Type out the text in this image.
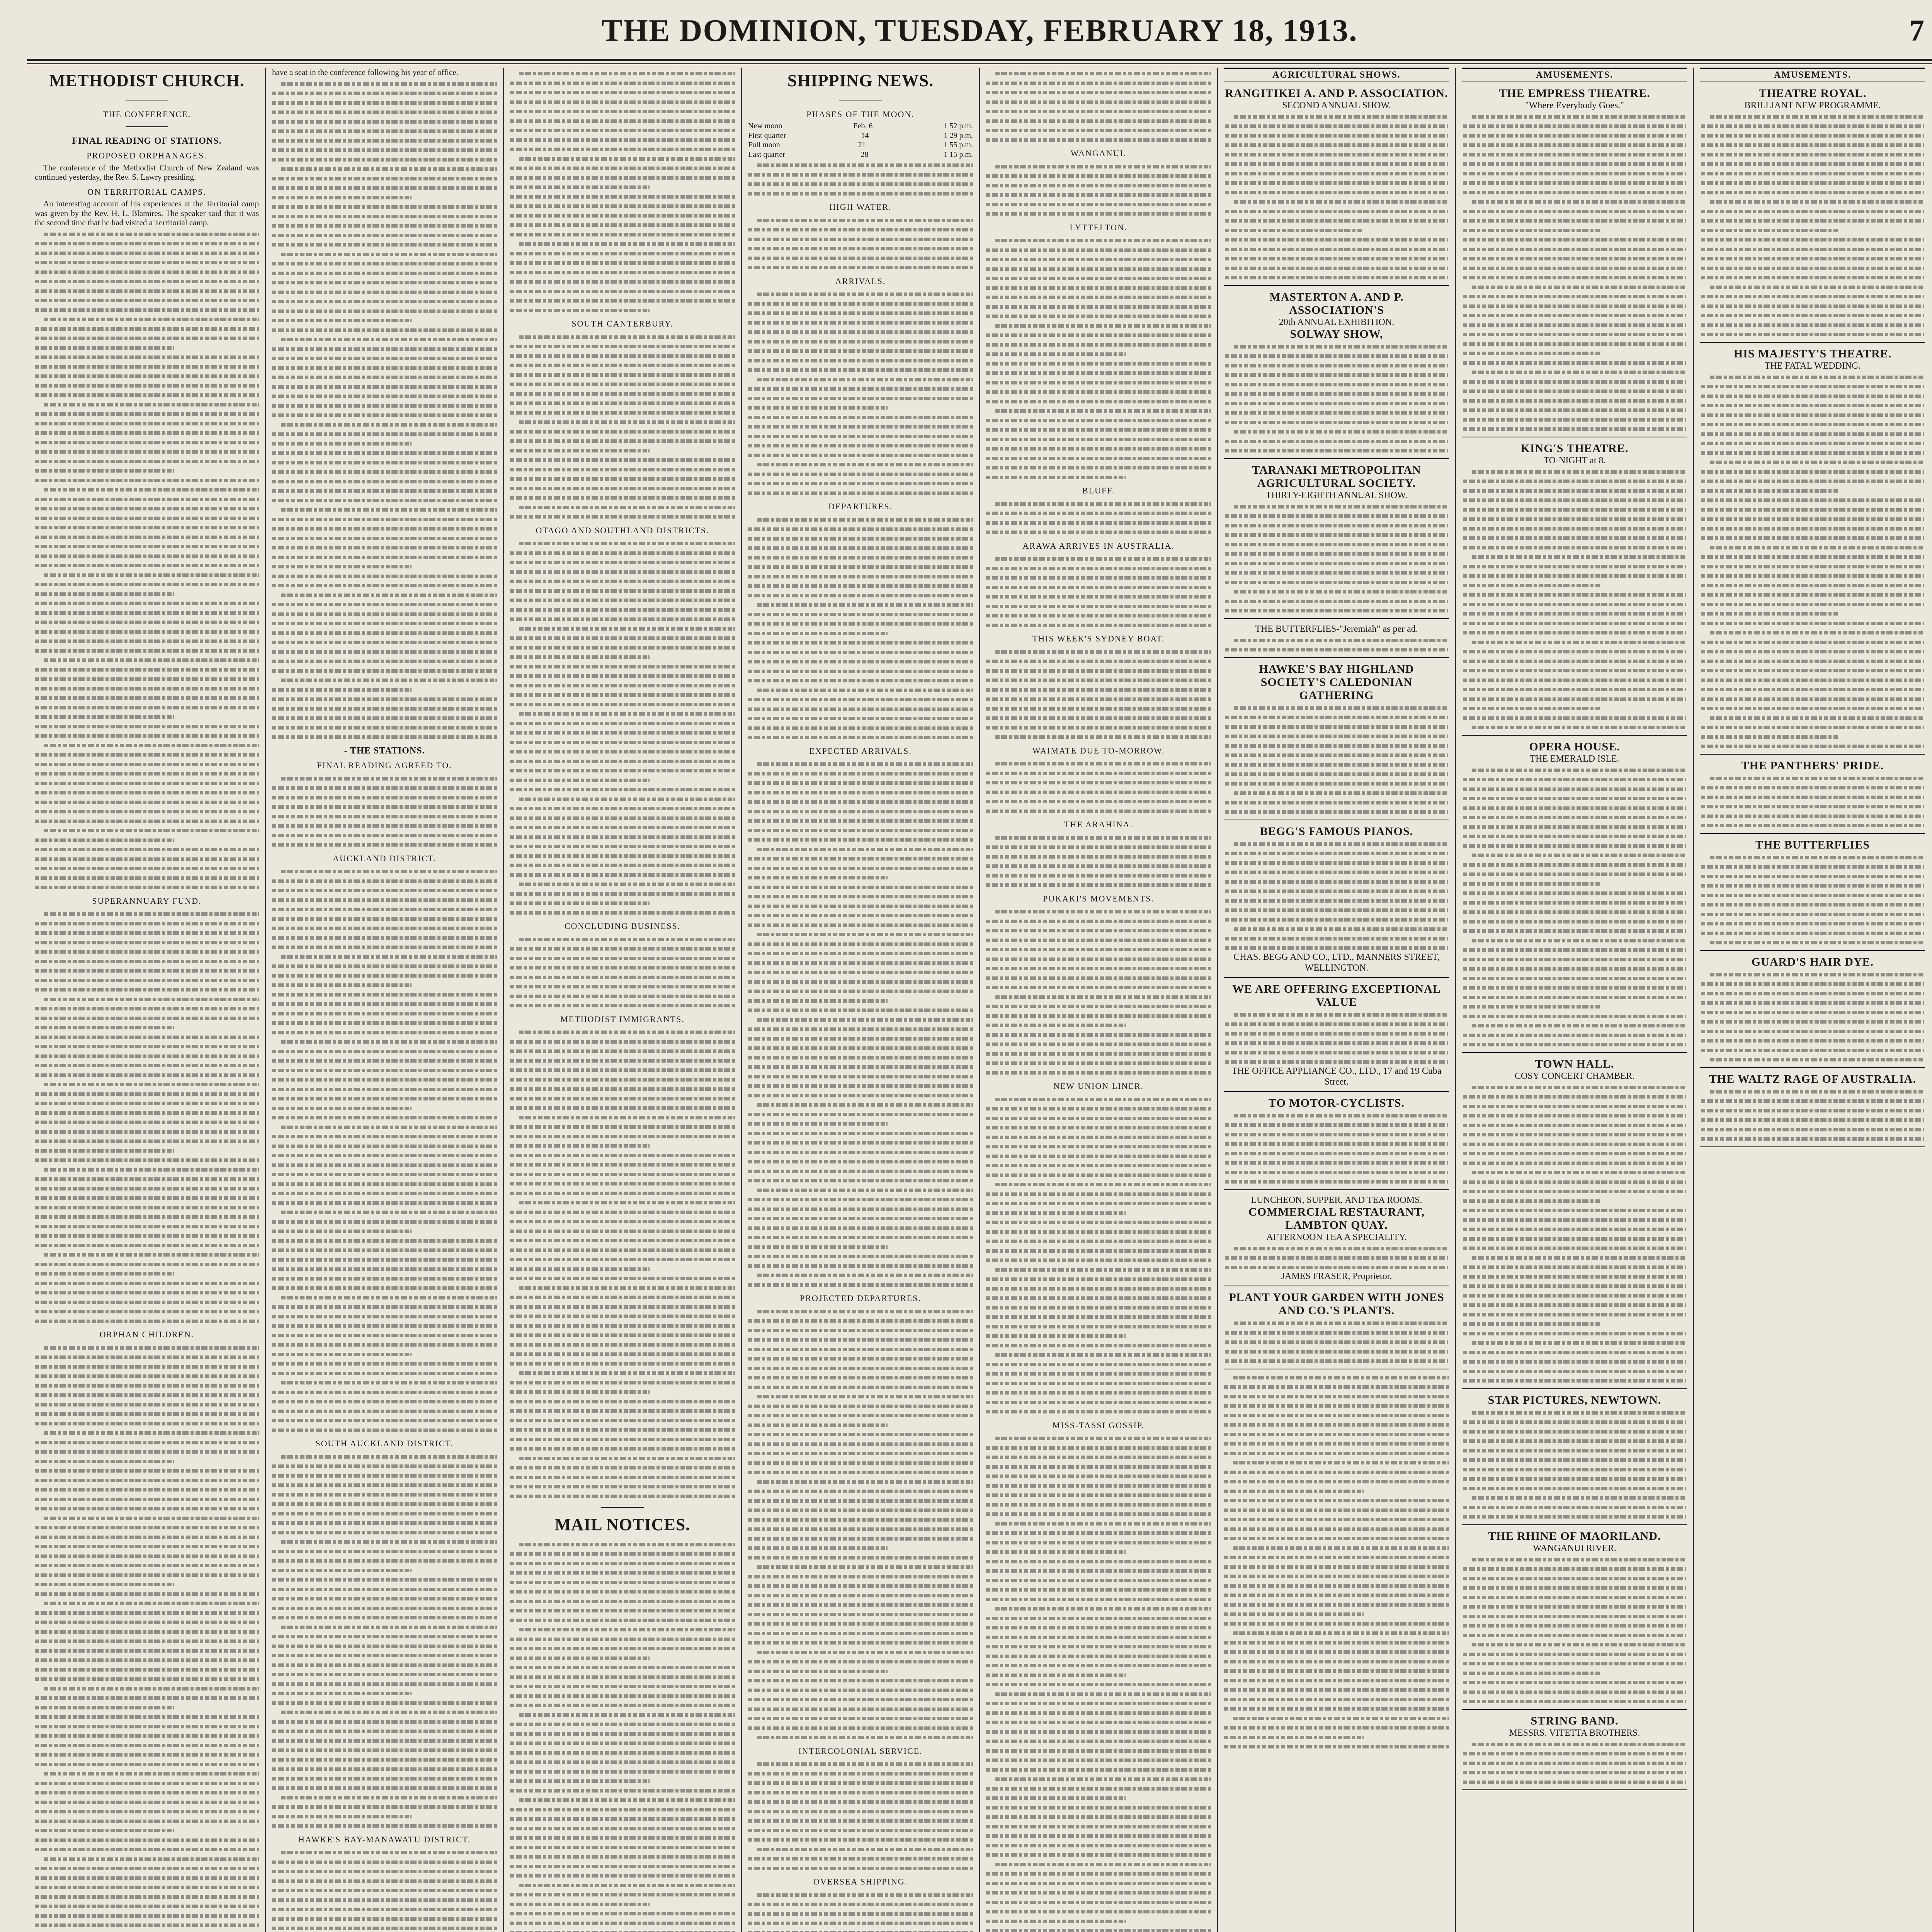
THE DOMINION, TUESDAY, FEBRUARY 18, 1913.	7
METHODIST CHURCH.
THE CONFERENCE.
FINAL READING OF STATIONS.
PROPOSED ORPHANAGES.

The conference of the Methodist Church of New Zealand was continued yesterday, the Rev. S. Lawry presiding.

ON TERRITORIAL CAMPS.

An interesting account of his experiences at the Territorial camp was given by the Rev. H. L. Blamires. The speaker said that it was the second time that he had visited a Territorial camp.

SUPERANNUARY FUND.
ORPHAN CHILDREN.

have a seat in the conference following his year of office.

- THE STATIONS.
FINAL READING AGREED TO.
AUCKLAND DISTRICT.
SOUTH AUCKLAND DISTRICT.
HAWKE'S BAY-MANAWATU DISTRICT.
SOUTH CANTERBURY.
OTAGO AND SOUTHLAND DISTRICTS.
CONCLUDING BUSINESS.
METHODIST IMMIGRANTS.
MAIL NOTICES.
SHIPPING NEWS.
PHASES OF THE MOON.
New moon	Feb. 6	1 52 p.m.
First quarter	14	1 29 p.m.
Full moon	21	1 55 p.m.
Last quarter	28	1 15 p.m.
HIGH WATER.
ARRIVALS.
DEPARTURES.
EXPECTED ARRIVALS.
PROJECTED DEPARTURES.
INTERCOLONIAL SERVICE.
OVERSEA SHIPPING.
WANGANUI.
LYTTELTON.
BLUFF.
ARAWA ARRIVES IN AUSTRALIA.
THIS WEEK'S SYDNEY BOAT.
WAIMATE DUE TO-MORROW.
THE ARAHINA.
PUKAKI'S MOVEMENTS.
NEW UNION LINER.
MISS-TASSI GOSSIP.
AGRICULTURAL SHOWS.
RANGITIKEI A. AND P. ASSOCIATION.
SECOND ANNUAL SHOW.
MASTERTON A. AND P. ASSOCIATION'S
20th ANNUAL EXHIBITION.
SOLWAY SHOW,
TARANAKI METROPOLITAN AGRICULTURAL SOCIETY.
THIRTY-EIGHTH ANNUAL SHOW.
THE BUTTERFLIES-"Jeremiah" as per ad.
HAWKE'S BAY HIGHLAND SOCIETY'S CALEDONIAN GATHERING
BEGG'S FAMOUS PIANOS.
CHAS. BEGG AND CO., LTD., MANNERS STREET, WELLINGTON.
WE ARE OFFERING EXCEPTIONAL VALUE
THE OFFICE APPLIANCE CO., LTD., 17 and 19 Cuba Street.
TO MOTOR-CYCLISTS.
LUNCHEON, SUPPER, AND TEA ROOMS.
COMMERCIAL RESTAURANT, LAMBTON QUAY.
AFTERNOON TEA A SPECIALITY.
JAMES FRASER, Proprietor.
PLANT YOUR GARDEN WITH JONES AND CO.'S PLANTS.
AMUSEMENTS.
THE EMPRESS THEATRE.
"Where Everybody Goes."
KING'S THEATRE.
TO-NIGHT at 8.
OPERA HOUSE.
THE EMERALD ISLE.
TOWN HALL.
COSY CONCERT CHAMBER.
STAR PICTURES, NEWTOWN.
THE RHINE OF MAORILAND.
WANGANUI RIVER.
STRING BAND.
MESSRS. VITETTA BROTHERS.
AMUSEMENTS.
THEATRE ROYAL.
BRILLIANT NEW PROGRAMME.
HIS MAJESTY'S THEATRE.
THE FATAL WEDDING.
THE PANTHERS' PRIDE.
THE BUTTERFLIES
GUARD'S HAIR DYE.
THE WALTZ RAGE OF AUSTRALIA.
